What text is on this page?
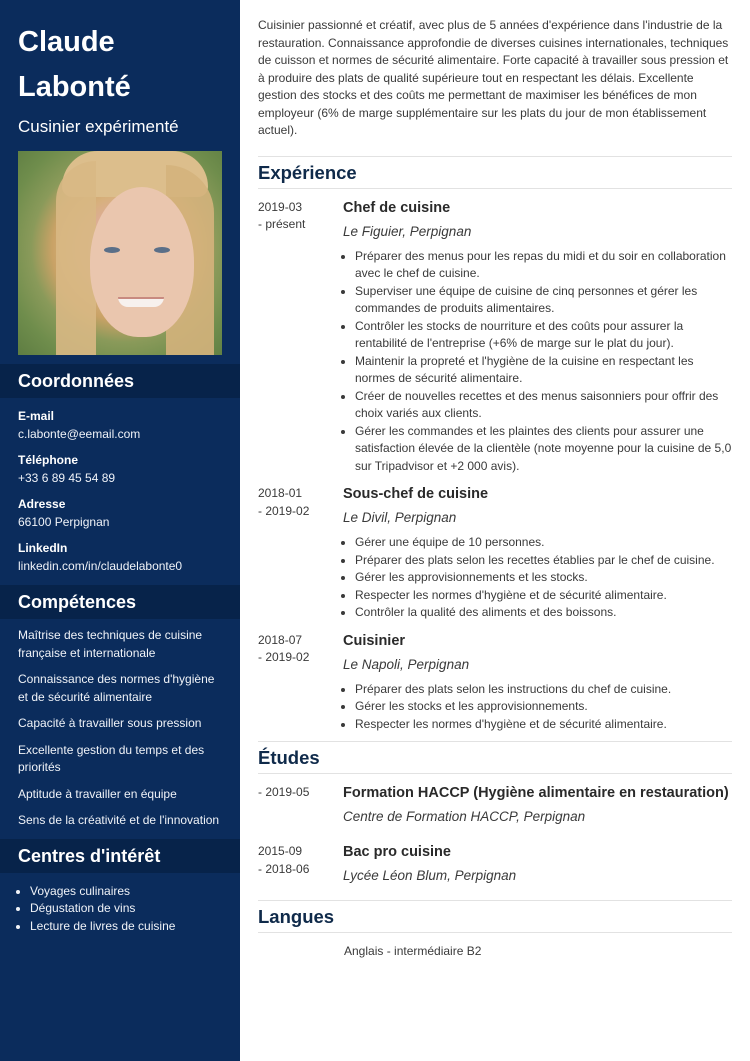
Claude
Labonté
Cusinier expérimenté
Coordonnées
E-mail
c.labonte@eemail.com
Téléphone
+33 6 89 45 54 89
Adresse
66100 Perpignan
LinkedIn
linkedin.com/in/claudelabonte0
Compétences
Maîtrise des techniques de cuisine française et internationale
Connaissance des normes d'hygiène et de sécurité alimentaire
Capacité à travailler sous pression
Excellente gestion du temps et des priorités
Aptitude à travailler en équipe
Sens de la créativité et de l'innovation
Centres d'intérêt
• Voyages culinaires
• Dégustation de vins
• Lecture de livres de cuisine

Cuisinier passionné et créatif, avec plus de 5 années d'expérience dans l'industrie de la restauration. Connaissance approfondie de diverses cuisines internationales, techniques de cuisson et normes de sécurité alimentaire. Forte capacité à travailler sous pression et à produire des plats de qualité supérieure tout en respectant les délais. Excellente gestion des stocks et des coûts me permettant de maximiser les bénéfices de mon employeur (6% de marge supplémentaire sur les plats du jour de mon établissement actuel).

Expérience
2019-03
- présent
Chef de cuisine
Le Figuier, Perpignan
• Préparer des menus pour les repas du midi et du soir en collaboration avec le chef de cuisine.
• Superviser une équipe de cuisine de cinq personnes et gérer les commandes de produits alimentaires.
• Contrôler les stocks de nourriture et des coûts pour assurer la rentabilité de l'entreprise (+6% de marge sur le plat du jour).
• Maintenir la propreté et l'hygiène de la cuisine en respectant les normes de sécurité alimentaire.
• Créer de nouvelles recettes et des menus saisonniers pour offrir des choix variés aux clients.
• Gérer les commandes et les plaintes des clients pour assurer une satisfaction élevée de la clientèle (note moyenne pour la cuisine de 5,0 sur Tripadvisor et +2 000 avis).
2018-01
- 2019-02
Sous-chef de cuisine
Le Divil, Perpignan
• Gérer une équipe de 10 personnes.
• Préparer des plats selon les recettes établies par le chef de cuisine.
• Gérer les approvisionnements et les stocks.
• Respecter les normes d'hygiène et de sécurité alimentaire.
• Contrôler la qualité des aliments et des boissons.
2018-07
- 2019-02
Cuisinier
Le Napoli, Perpignan
• Préparer des plats selon les instructions du chef de cuisine.
• Gérer les stocks et les approvisionnements.
• Respecter les normes d'hygiène et de sécurité alimentaire.
Études
- 2019-05	Formation HACCP (Hygiène alimentaire en restauration)
Centre de Formation HACCP, Perpignan
2015-09
- 2018-06
Bac pro cuisine
Lycée Léon Blum, Perpignan
Langues
Anglais - intermédiaire B2
